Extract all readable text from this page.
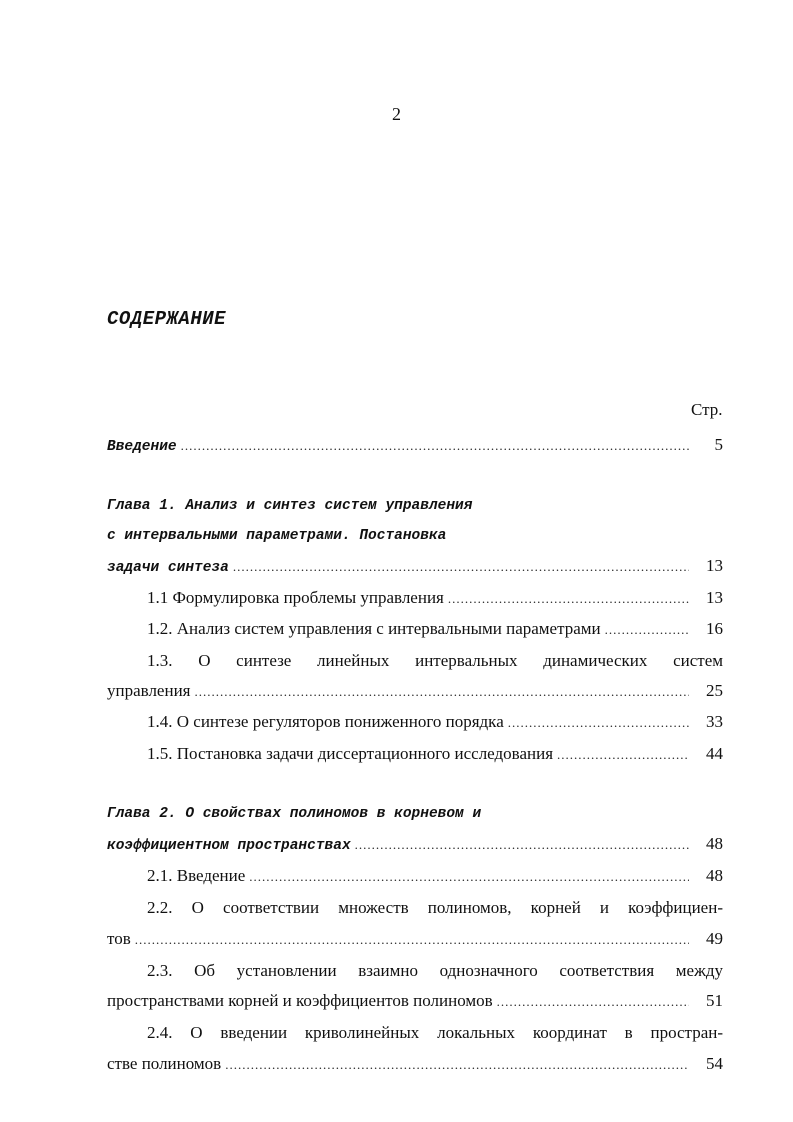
2
СОДЕРЖАНИЕ
Стр.
Введение .....	5
Глава 1. Анализ и синтез систем управления
с интервальными параметрами. Постановка
задачи синтеза .....	13
1.1 Формулировка проблемы управления .....	13
1.2. Анализ систем управления с интервальными параметрами .....	16
1.3. О синтезе линейных интервальных динамических систем
управления .....	25
1.4. О синтезе регуляторов пониженного порядка .....	33
1.5. Постановка задачи диссертационного исследования .....	44
Глава 2. О свойствах полиномов в корневом и
коэффициентном пространствах .....	48
2.1. Введение .....	48
2.2. О соответствии множеств полиномов, корней и коэффициен-
тов .....	49
2.3. Об установлении взаимно однозначного соответствия между
пространствами корней и коэффициентов полиномов .....	51
2.4. О введении криволинейных локальных координат в простран-
стве полиномов .....	54
